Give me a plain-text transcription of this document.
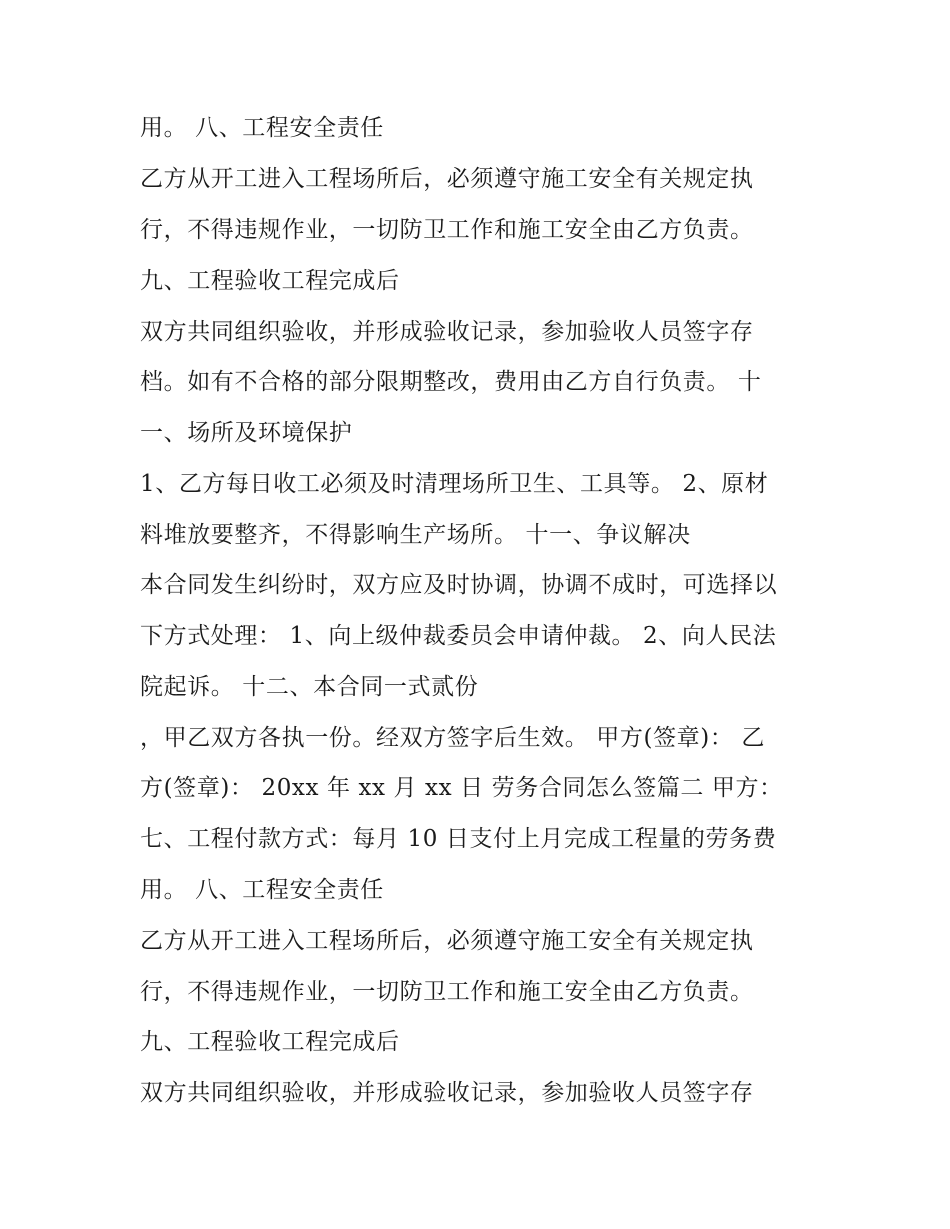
用。 八、工程安全责任
乙方从开工进入工程场所后，必须遵守施工安全有关规定执
行，不得违规作业，一切防卫工作和施工安全由乙方负责。
九、工程验收工程完成后
双方共同组织验收，并形成验收记录，参加验收人员签字存
档。如有不合格的部分限期整改，费用由乙方自行负责。 十
一、场所及环境保护
1、乙方每日收工必须及时清理场所卫生、工具等。 2、原材
料堆放要整齐，不得影响生产场所。 十一、争议解决
本合同发生纠纷时，双方应及时协调，协调不成时，可选择以
下方式处理： 1、向上级仲裁委员会申请仲裁。 2、向人民法
院起诉。 十二、本合同一式贰份
，甲乙双方各执一份。经双方签字后生效。 甲方(签章)： 乙
方(签章)： 20xx 年 xx 月 xx 日 劳务合同怎么签篇二 甲方：
七、工程付款方式：每月 10 日支付上月完成工程量的劳务费
用。 八、工程安全责任
乙方从开工进入工程场所后，必须遵守施工安全有关规定执
行，不得违规作业，一切防卫工作和施工安全由乙方负责。
九、工程验收工程完成后
双方共同组织验收，并形成验收记录，参加验收人员签字存
